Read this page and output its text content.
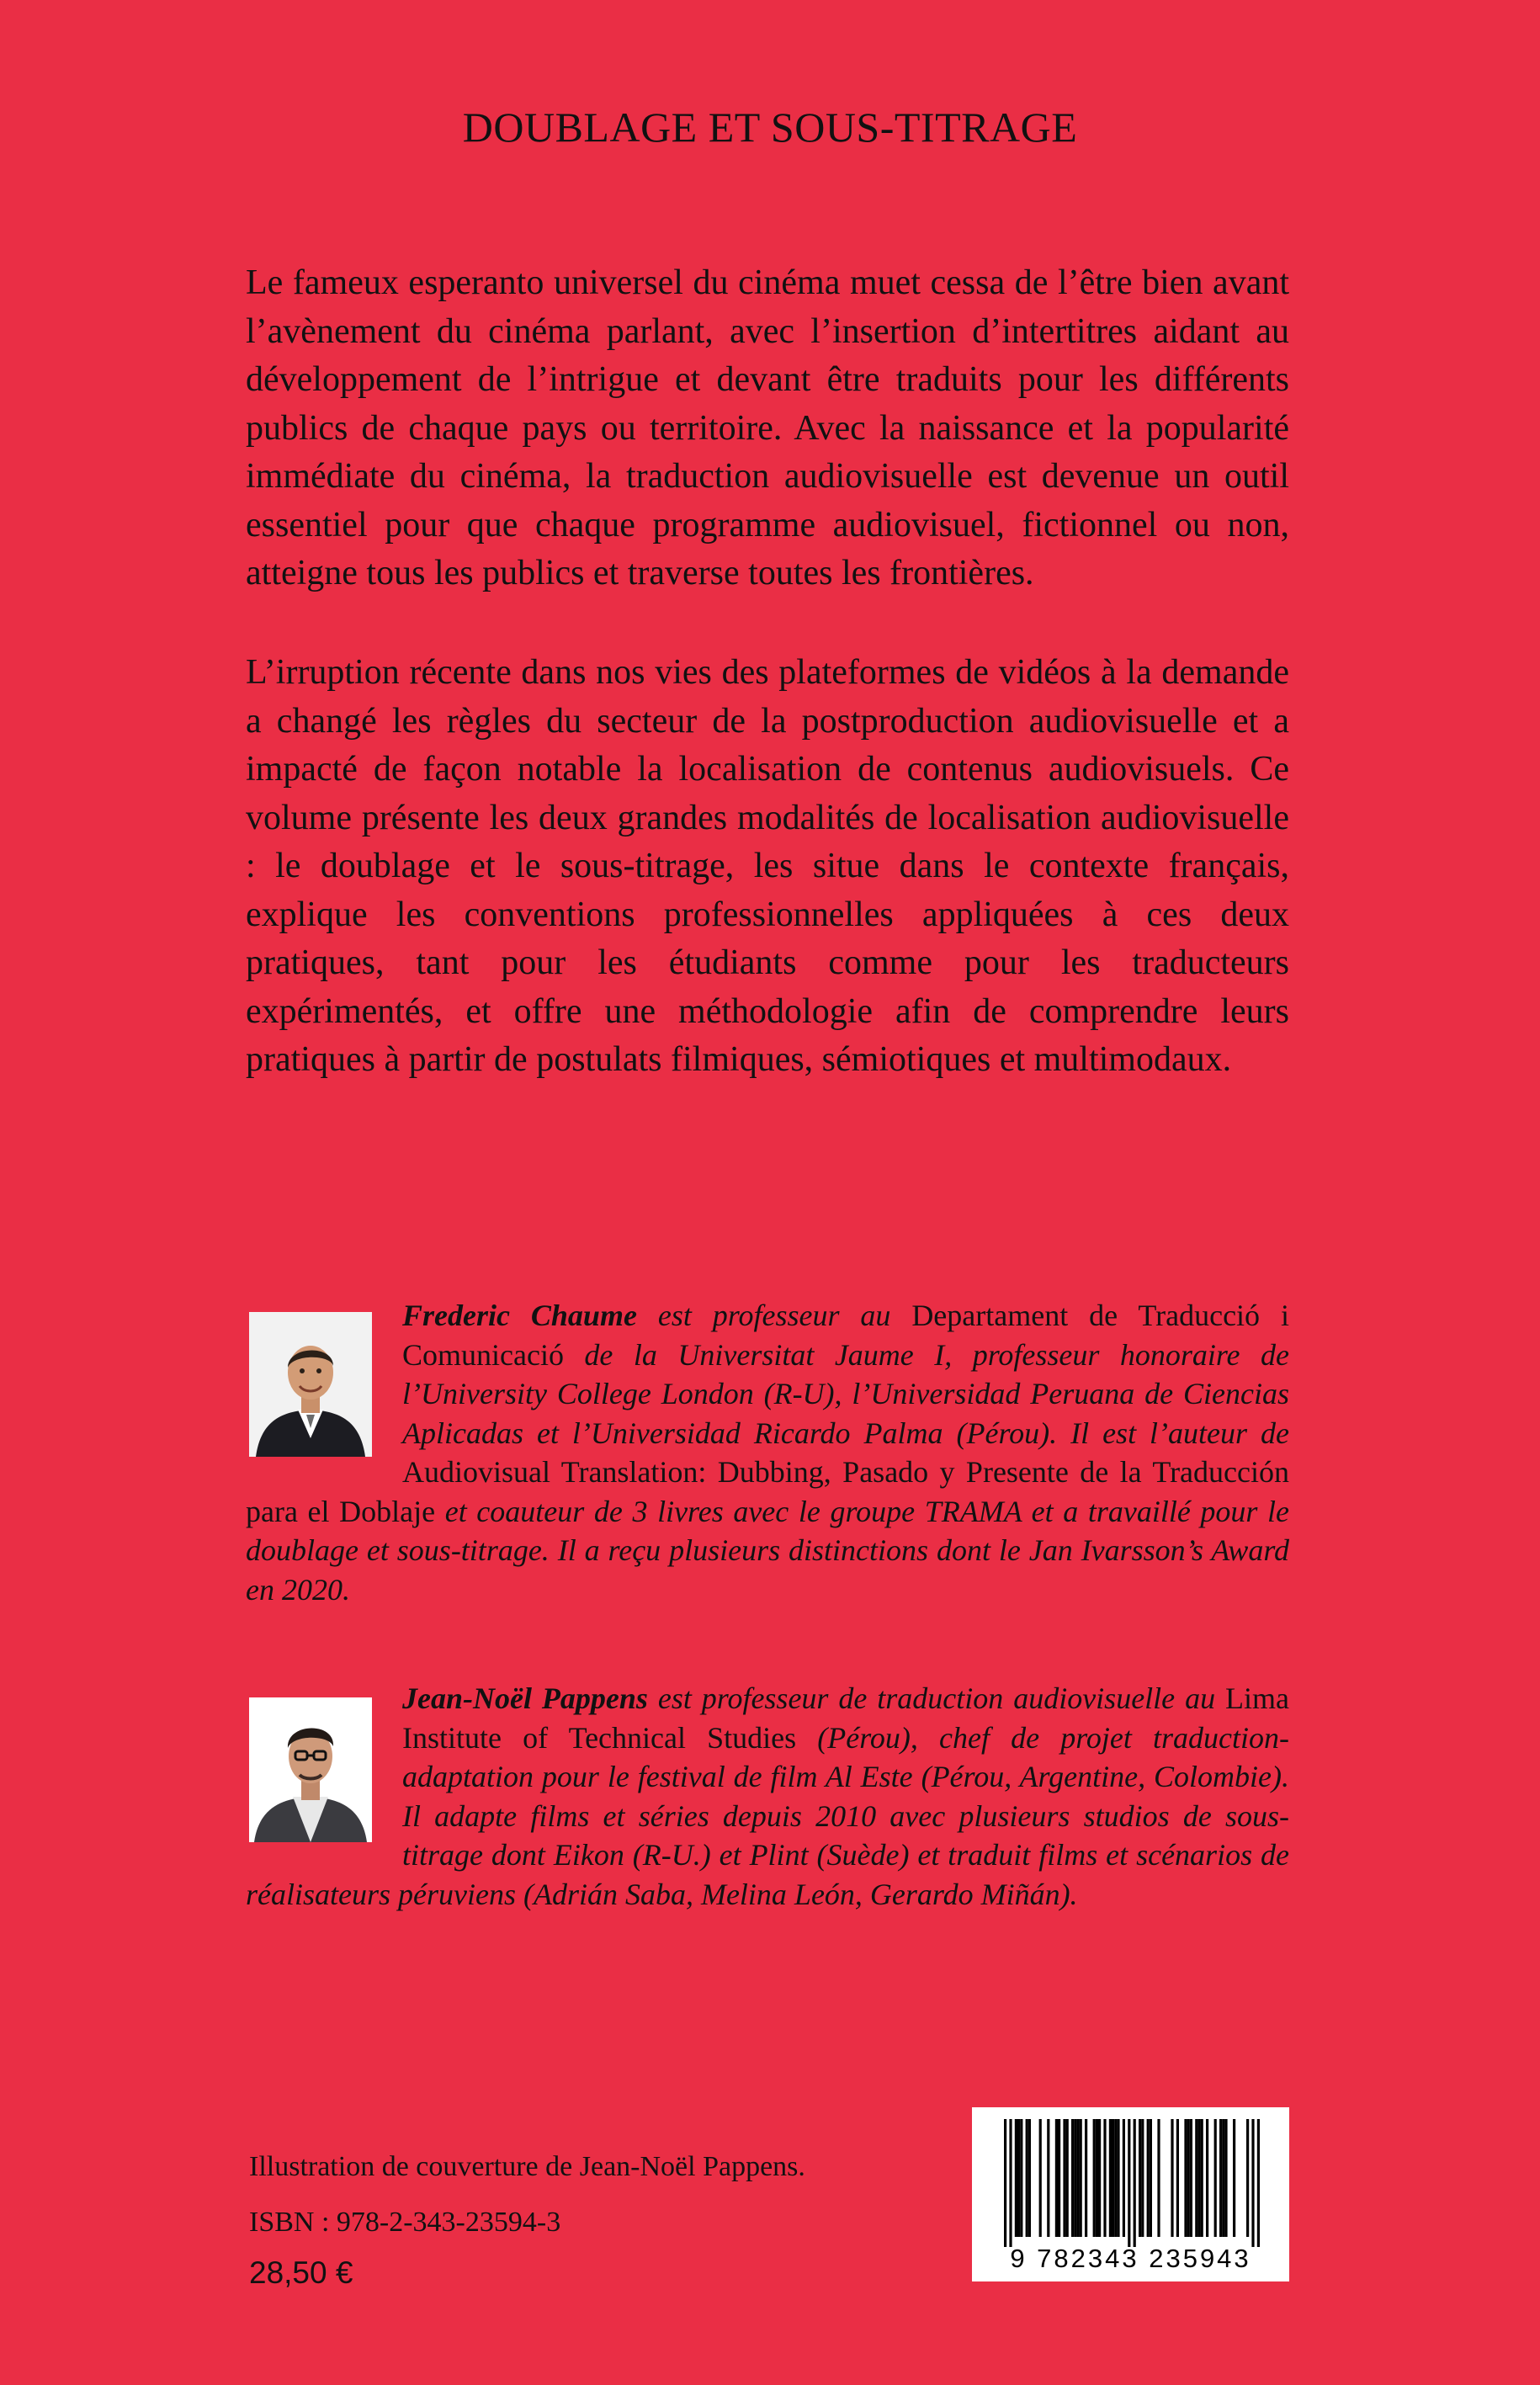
DOUBLAGE ET SOUS-TITRAGE
Le fameux esperanto universel du cinéma muet cessa de l’être bien avant l’avènement du cinéma parlant, avec l’insertion d’intertitres aidant au développement de l’intrigue et devant être traduits pour les différents publics de chaque pays ou territoire. Avec la naissance et la popularité immédiate du cinéma, la traduction audiovisuelle est devenue un outil essentiel pour que chaque programme audiovisuel, fictionnel ou non, atteigne tous les publics et traverse toutes les frontières.
L’irruption récente dans nos vies des plateformes de vidéos à la demande a changé les règles du secteur de la postproduction audiovisuelle et a impacté de façon notable la localisation de contenus audiovisuels. Ce volume présente les deux grandes modalités de localisation audiovisuelle : le doublage et le sous-titrage, les situe dans le contexte français, explique les conventions professionnelles appliquées à ces deux pratiques, tant pour les étudiants comme pour les traducteurs expérimentés, et offre une méthodologie afin de comprendre leurs pratiques à partir de postulats filmiques, sémiotiques et multimodaux.
Frederic Chaume est professeur au Departament de Traducció i Comunicació de la Universitat Jaume I, professeur honoraire de l’University College London (R-U), l’Universidad Peruana de Ciencias Aplicadas et l’Universidad Ricardo Palma (Pérou). Il est l’auteur de Audiovisual Translation: Dubbing, Pasado y Presente de la Traducción para el Doblaje et coauteur de 3 livres avec le groupe TRAMA et a travaillé pour le doublage et sous-titrage. Il a reçu plusieurs distinctions dont le Jan Ivarsson’s Award en 2020.
Jean-Noël Pappens est professeur de traduction audiovisuelle au Lima Institute of Technical Studies (Pérou), chef de projet traduction-adaptation pour le festival de film Al Este (Pérou, Argentine, Colombie). Il adapte films et séries depuis 2010 avec plusieurs studios de sous-titrage dont Eikon (R-U.) et Plint (Suède) et traduit films et scénarios de réalisateurs péruviens (Adrián Saba, Melina León, Gerardo Miñán).
Illustration de couverture de Jean-Noël Pappens.
ISBN : 978-2-343-23594-3
28,50 €	9 782343 235943
